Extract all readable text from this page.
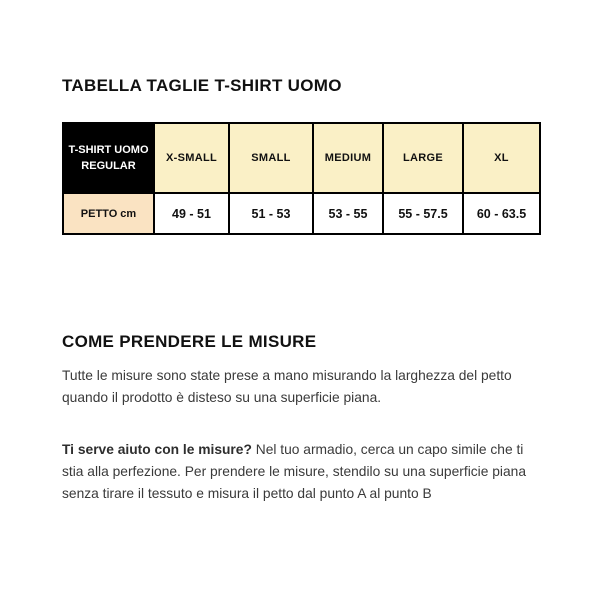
TABELLA TAGLIE T-SHIRT UOMO
T-SHIRT UOMO REGULAR	X-SMALL	SMALL	MEDIUM	LARGE	XL
PETTO cm	49 - 51	51 - 53	53 - 55	55 - 57.5	60 - 63.5
COME PRENDERE LE MISURE

Tutte le misure sono state prese a mano misurando la larghezza del petto quando il prodotto è disteso su una superficie piana.

Ti serve aiuto con le misure? Nel tuo armadio, cerca un capo simile che ti stia alla perfezione. Per prendere le misure, stendilo su una superficie piana senza tirare il tessuto e misura il petto dal punto A al punto B
